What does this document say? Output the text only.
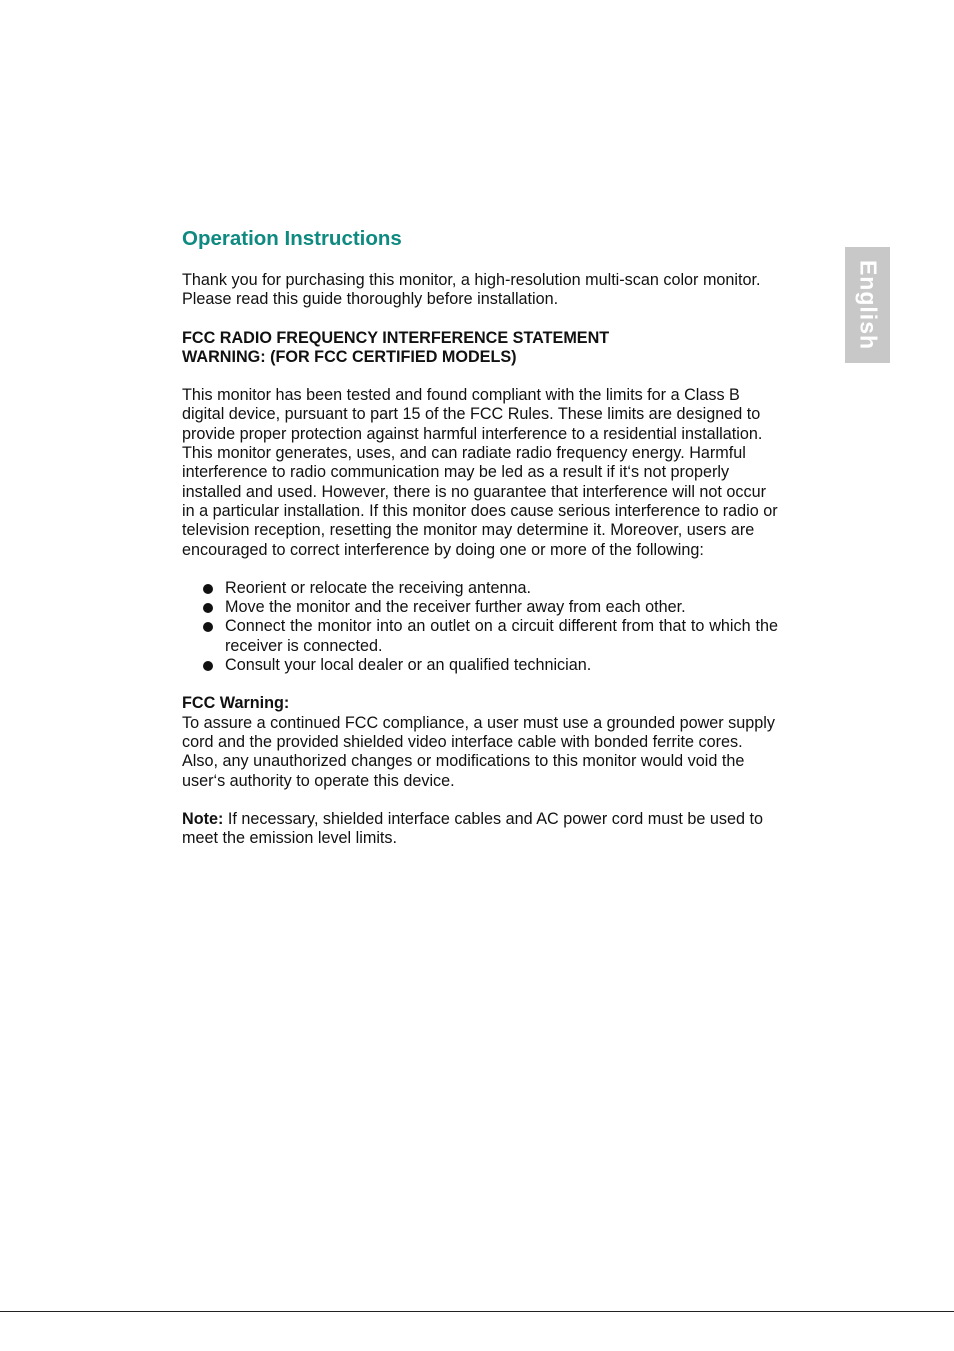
Operation Instructions
English

Thank you for purchasing this monitor, a high-resolution multi-scan color monitor.

Please read this guide thoroughly before installation.

FCC RADIO FREQUENCY INTERFERENCE STATEMENT

WARNING: (FOR FCC CERTIFIED MODELS)

This monitor has been tested and found compliant with the limits for a Class B digital device, pursuant to part 15 of the FCC Rules. These limits are designed to provide proper protection against harmful interference to a residential installation. This monitor generates, uses, and can radiate radio frequency energy. Harmful interference to radio communication may be led as a result if it‘s not properly installed and used. However, there is no guarantee that interference will not occur in a particular installation. If this monitor does cause serious interference to radio or television reception, resetting the monitor may determine it. Moreover, users are encouraged to correct interference by doing one or more of the following:

Reorient or relocate the receiving antenna.
Move the monitor and the receiver further away from each other.
Connect the monitor into an outlet on a circuit different from that to which the receiver is connected.
Consult your local dealer or an qualified technician.

FCC Warning:

To assure a continued FCC compliance, a user must use a grounded power supply cord and the provided shielded video interface cable with bonded ferrite cores. Also, any unauthorized changes or modifications to this monitor would void the user‘s authority to operate this device.

Note: If necessary, shielded interface cables and AC power cord must be used to meet the emission level limits.
